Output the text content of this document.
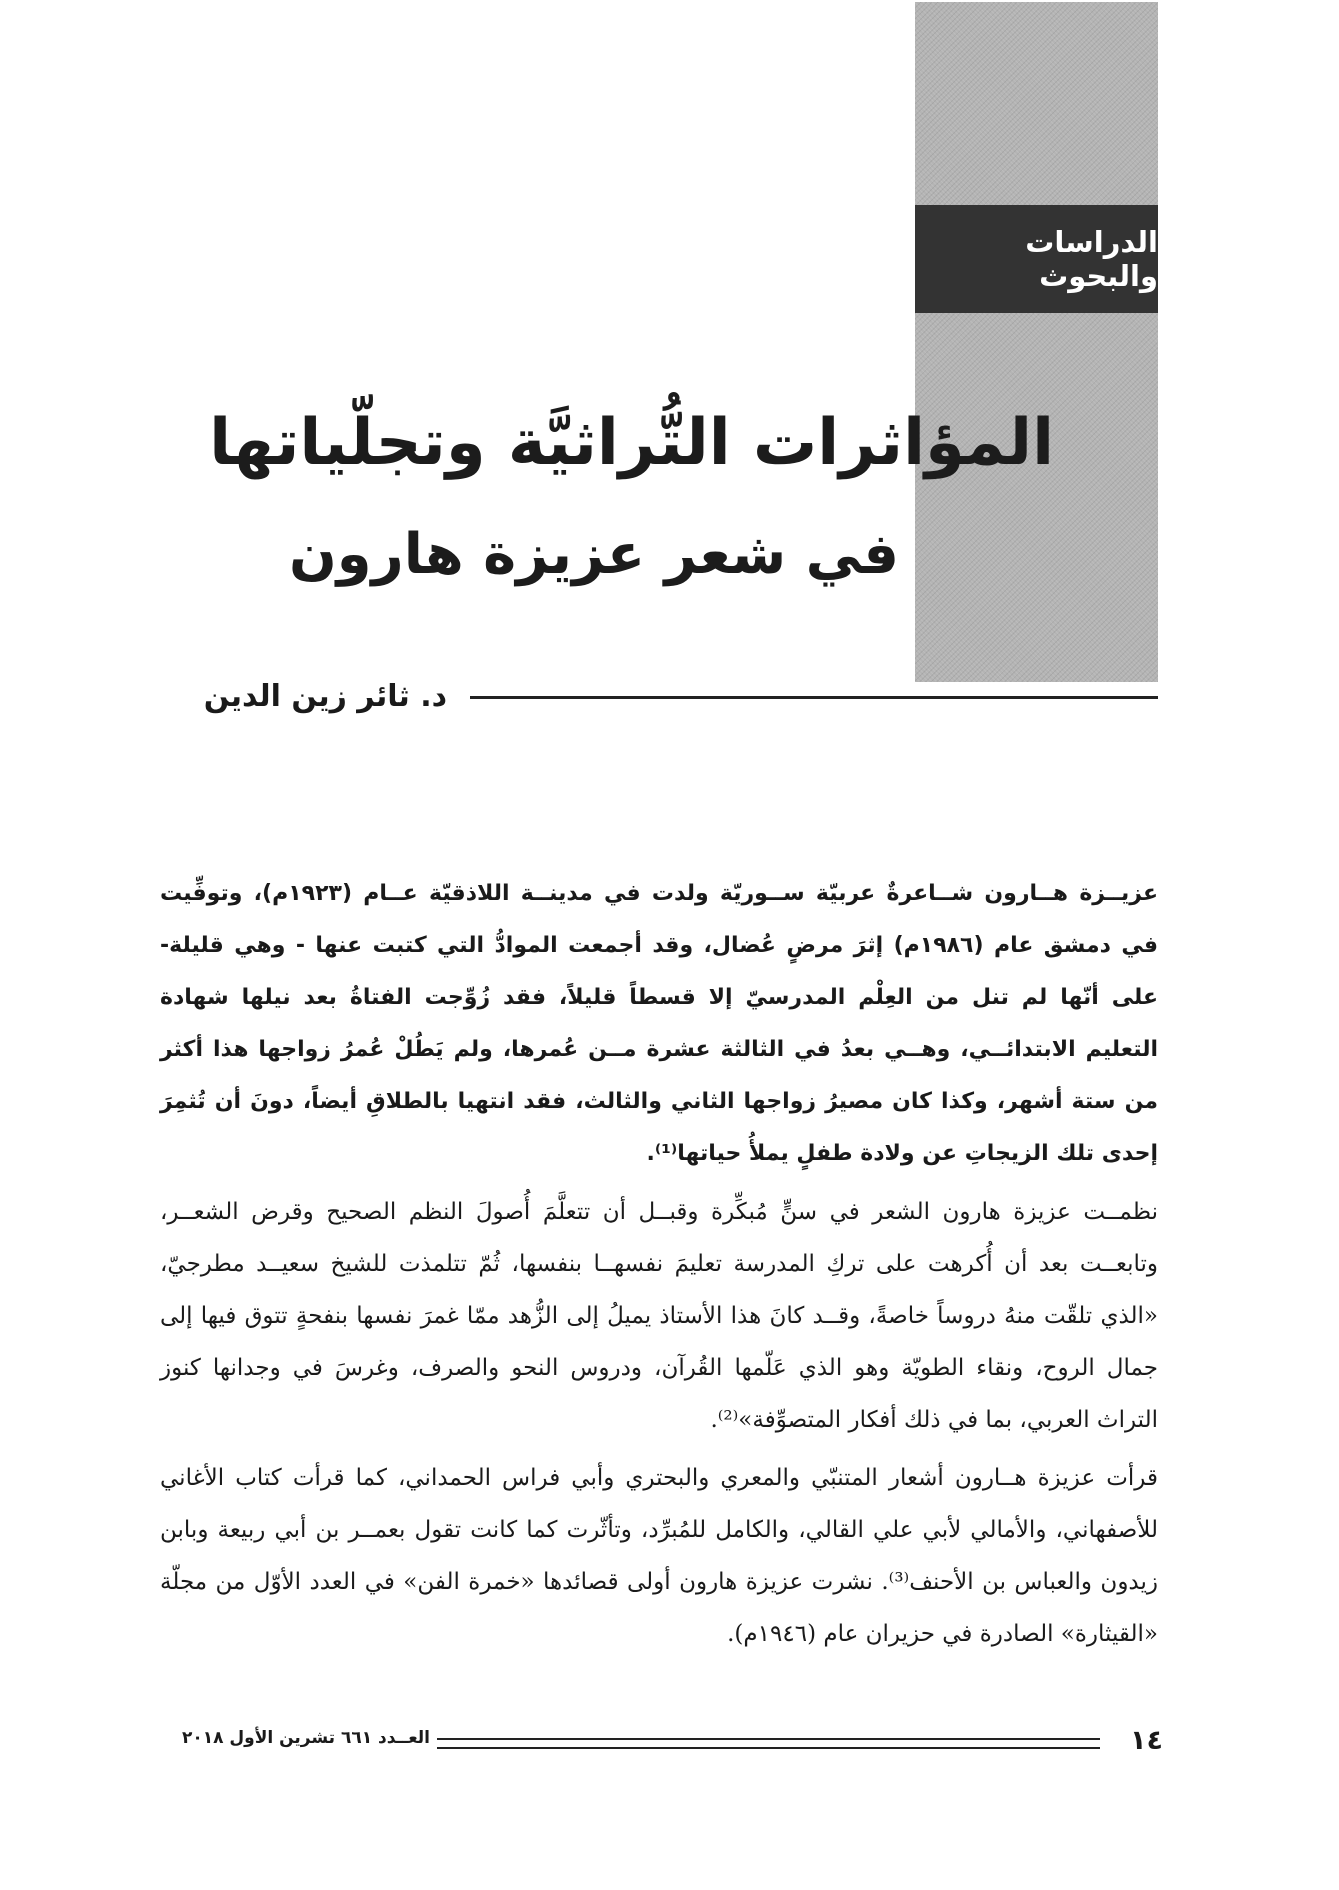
الدراسات والبحوث
المؤاثرات التُّراثيَّة وتجلّياتها
في شعر عزيزة هارون
د. ثائر زين الدين

عزيــزة هــارون شــاعرةٌ عربيّة ســوريّة ولدت في مدينــة اللاذقيّة عــام (١٩٢٣م)، وتوفِّيت في دمشق عام (١٩٨٦م) إثرَ مرضٍ عُضال، وقد أجمعت الموادُّ التي كتبت عنها - وهي قليلة- على أنّها لم تنل من العِلْم المدرسيّ إلا قسطاً قليلاً، فقد زُوِّجت الفتاةُ بعد نيلها شهادة التعليم الابتدائــي، وهــي بعدُ في الثالثة عشرة مــن عُمرها، ولم يَطُلْ عُمرُ زواجها هذا أكثر من ستة أشهر، وكذا كان مصيرُ زواجها الثاني والثالث، فقد انتهيا بالطلاقِ أيضاً، دونَ أن تُثمِرَ إحدى تلك الزيجاتِ عن ولادة طفلٍ يملأُ حياتها⁽¹⁾.

نظمــت عزيزة هارون الشعر في سنٍّ مُبكِّرة وقبــل أن تتعلَّمَ أُصولَ النظم الصحيح وقرض الشعــر، وتابعــت بعد أن أُكرهت على تركِ المدرسة تعليمَ نفسهــا بنفسها، ثُمّ تتلمذت للشيخ سعيــد مطرجيّ، «الذي تلقّت منهُ دروساً خاصةً، وقــد كانَ هذا الأستاذ يميلُ إلى الزُّهد ممّا غمرَ نفسها بنفحةٍ تتوق فيها إلى جمال الروح، ونقاء الطويّة وهو الذي عَلّمها القُرآن، ودروس النحو والصرف، وغرسَ في وجدانها كنوز التراث العربي، بما في ذلك أفكار المتصوِّفة»⁽²⁾.

قرأت عزيزة هــارون أشعار المتنبّي والمعري والبحتري وأبي فراس الحمداني، كما قرأت كتاب الأغاني للأصفهاني، والأمالي لأبي علي القالي، والكامل للمُبرِّد، وتأثّرت كما كانت تقول بعمــر بن أبي ربيعة وبابن زيدون والعباس بن الأحنف⁽³⁾. نشرت عزيزة هارون أولى قصائدها «خمرة الفن» في العدد الأوّل من مجلّة «القيثارة» الصادرة في حزيران عام (١٩٤٦م).

١٤
العــدد ٦٦١ تشرين الأول ٢٠١٨
